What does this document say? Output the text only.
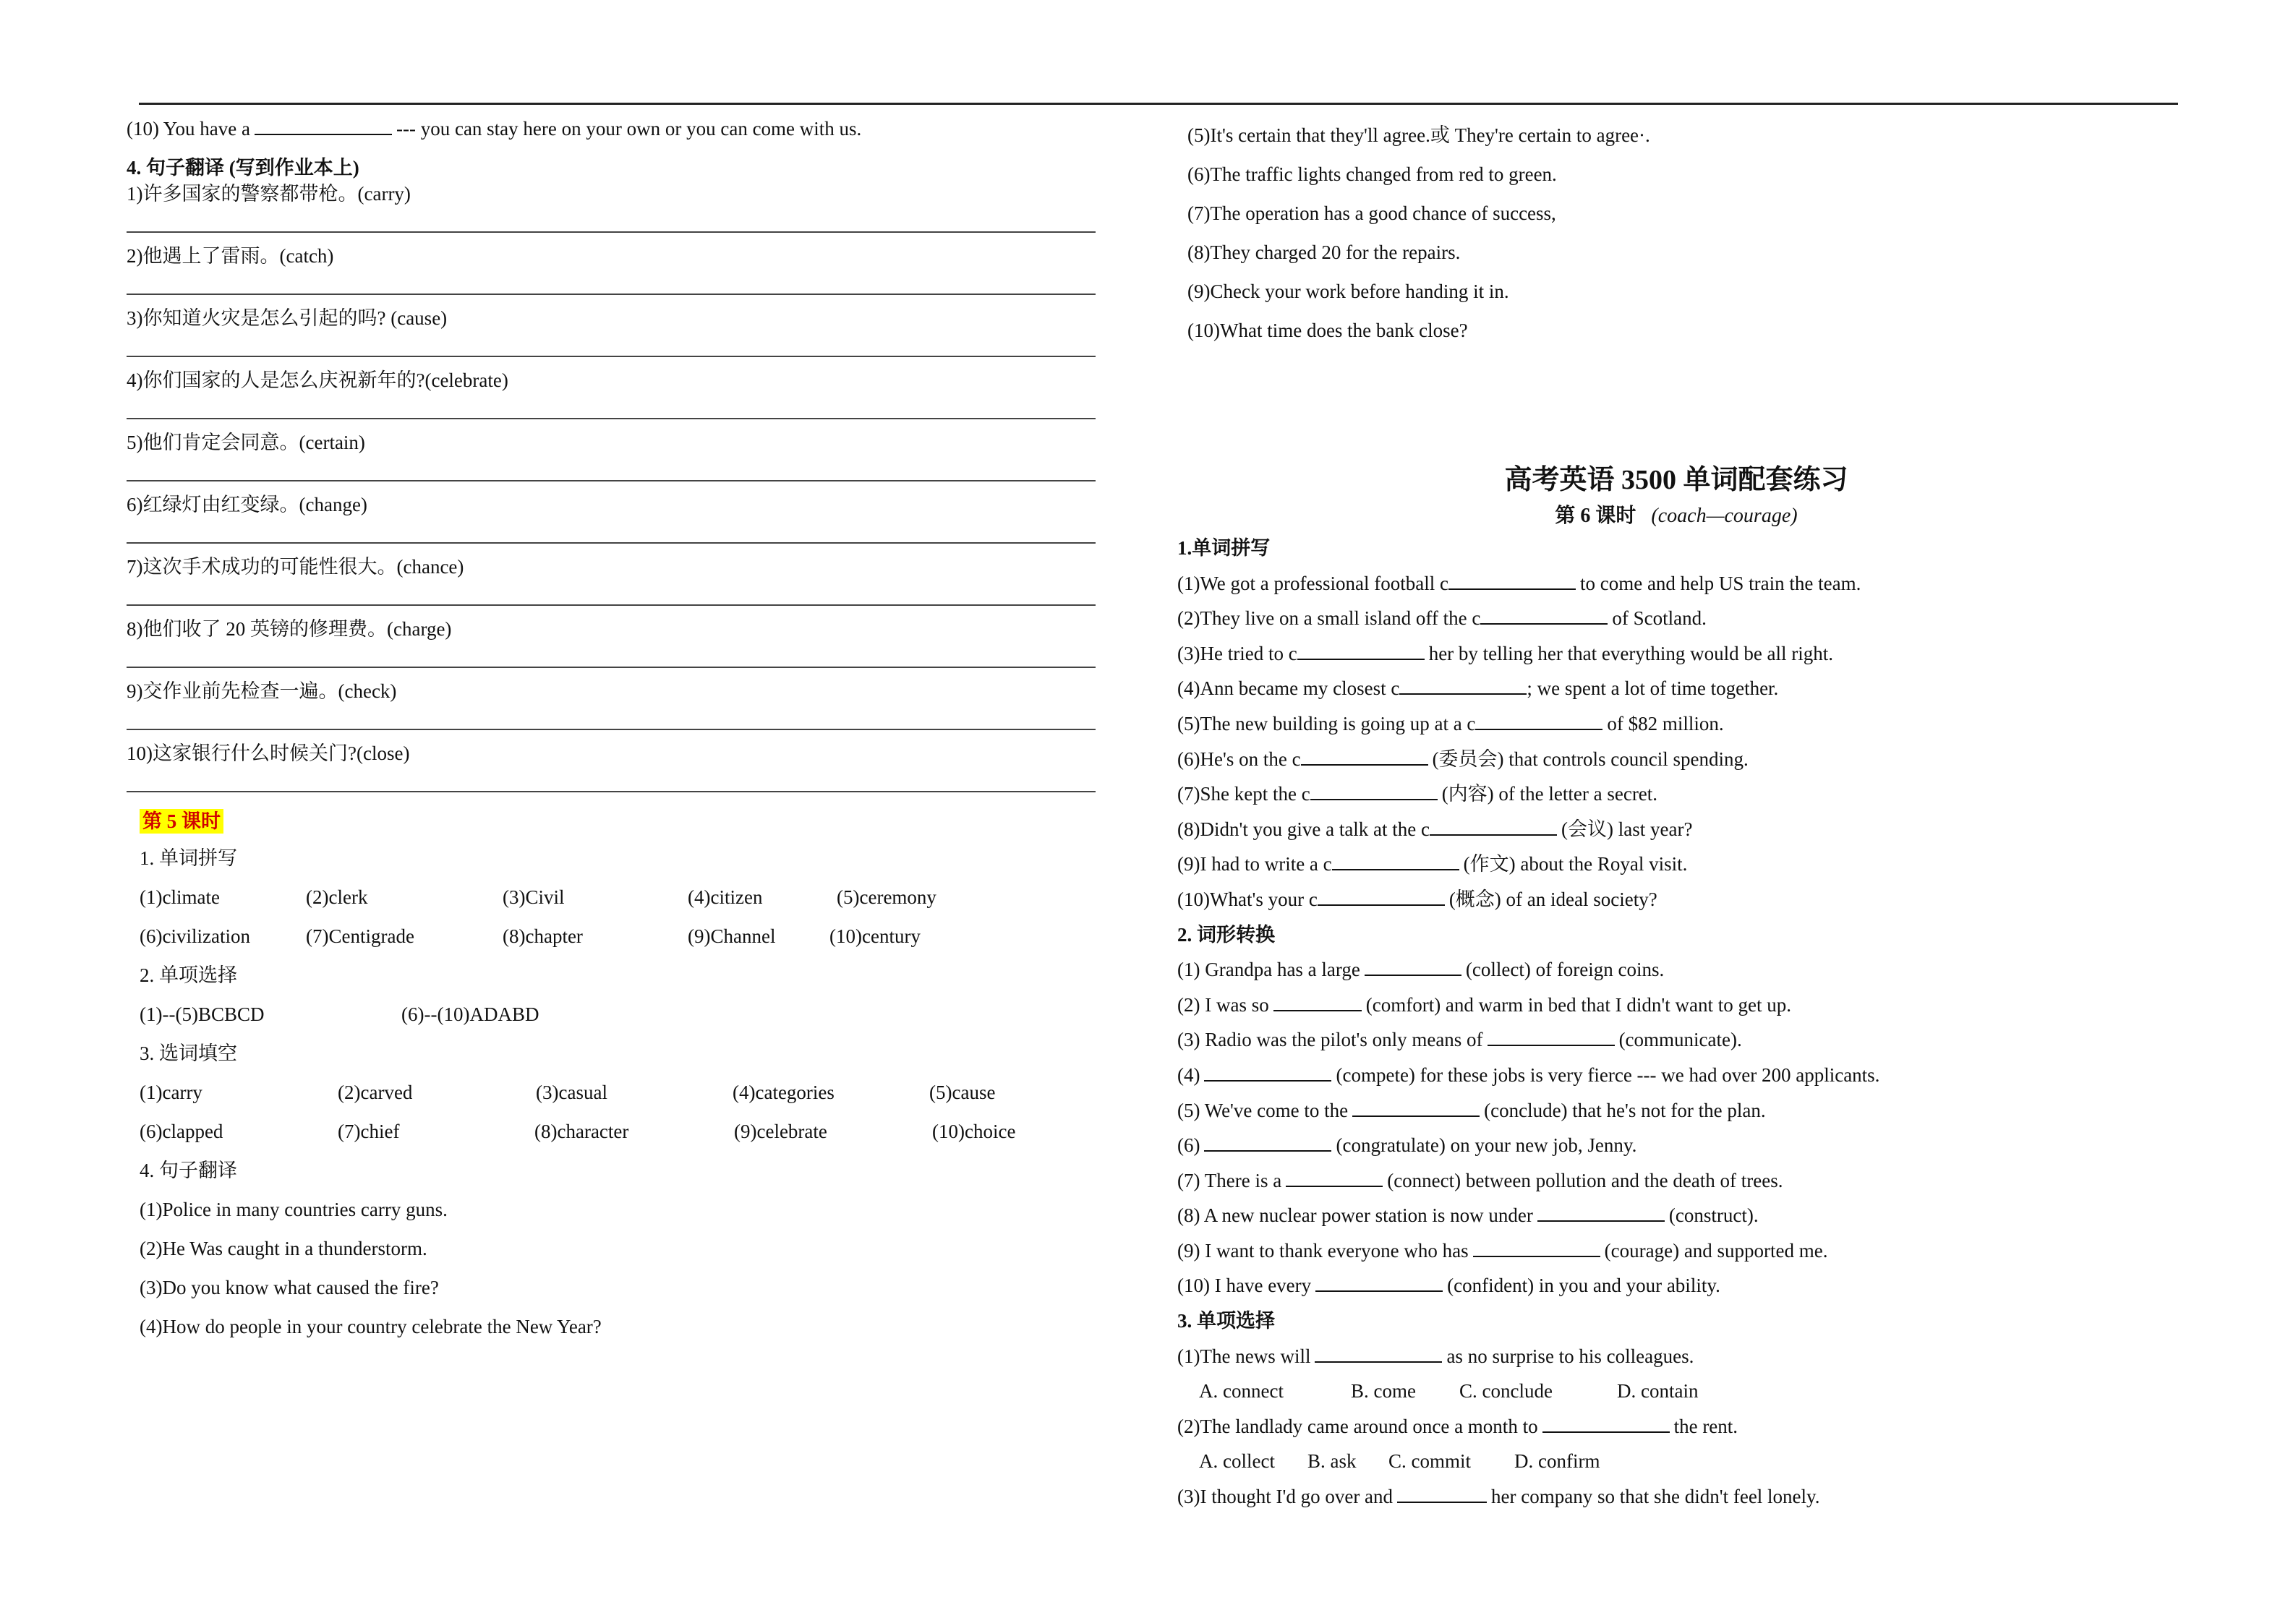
(10) You have a	--- you can stay here on your own or you can come with us.
4. 句子翻译 (写到作业本上)
1)许多国家的警察都带枪。(carry)
2)他遇上了雷雨。(catch)
3)你知道火灾是怎么引起的吗? (cause)
4)你们国家的人是怎么庆祝新年的?(celebrate)
5)他们肯定会同意。(certain)
6)红绿灯由红变绿。(change)
7)这次手术成功的可能性很大。(chance)
8)他们收了 20 英镑的修理费。(charge)
9)交作业前先检查一遍。(check)
10)这家银行什么时候关门?(close)
第 5 课时
1. 单词拼写
(1)climate	(2)clerk	(3)Civil	(4)citizen	(5)ceremony
(6)civilization	(7)Centigrade	(8)chapter	(9)Channel	(10)century
2. 单项选择
(1)--(5)BCBCD	(6)--(10)ADABD
3. 选词填空
(1)carry	(2)carved	(3)casual	(4)categories	(5)cause
(6)clapped	(7)chief	(8)character	(9)celebrate	(10)choice
4. 句子翻译
(1)Police in many countries carry guns.
(2)He Was caught in a thunderstorm.
(3)Do you know what caused the fire?
(4)How do people in your country celebrate the New Year?
(5)It's certain that they'll agree.或 They're certain to agree·.
(6)The traffic lights changed from red to green.
(7)The operation has a good chance of success,
(8)They charged 20 for the repairs.
(9)Check your work before handing it in.
(10)What time does the bank close?
高考英语 3500 单词配套练习
第 6 课时 (coach—courage)
1.单词拼写
(1)We got a professional football c	to come and help US train the team.
(2)They live on a small island off the c	of Scotland.
(3)He tried to c	her by telling her that everything would be all right.
(4)Ann became my closest c	; we spent a lot of time together.
(5)The new building is going up at a c	of $82 million.
(6)He's on the c	(委员会) that controls council spending.
(7)She kept the c	(内容) of the letter a secret.
(8)Didn't you give a talk at the c	(会议) last year?
(9)I had to write a c	(作文) about the Royal visit.
(10)What's your c	(概念) of an ideal society?
2. 词形转换
(1) Grandpa has a large	(collect) of foreign coins.
(2) I was so	(comfort) and warm in bed that I didn't want to get up.
(3) Radio was the pilot's only means of	(communicate).
(4)	(compete) for these jobs is very fierce --- we had over 200 applicants.
(5) We've come to the	(conclude) that he's not for the plan.
(6)	(congratulate) on your new job, Jenny.
(7) There is a	(connect) between pollution and the death of trees.
(8) A new nuclear power station is now under	(construct).
(9) I want to thank everyone who has	(courage) and supported me.
(10) I have every	(confident) in you and your ability.
3. 单项选择
(1)The news will	as no surprise to his colleagues.
A. connect	B. come	C. conclude	D. contain
(2)The landlady came around once a month to	the rent.
A. collect	B. ask	C. commit	D. confirm
(3)I thought I'd go over and	her company so that she didn't feel lonely.
